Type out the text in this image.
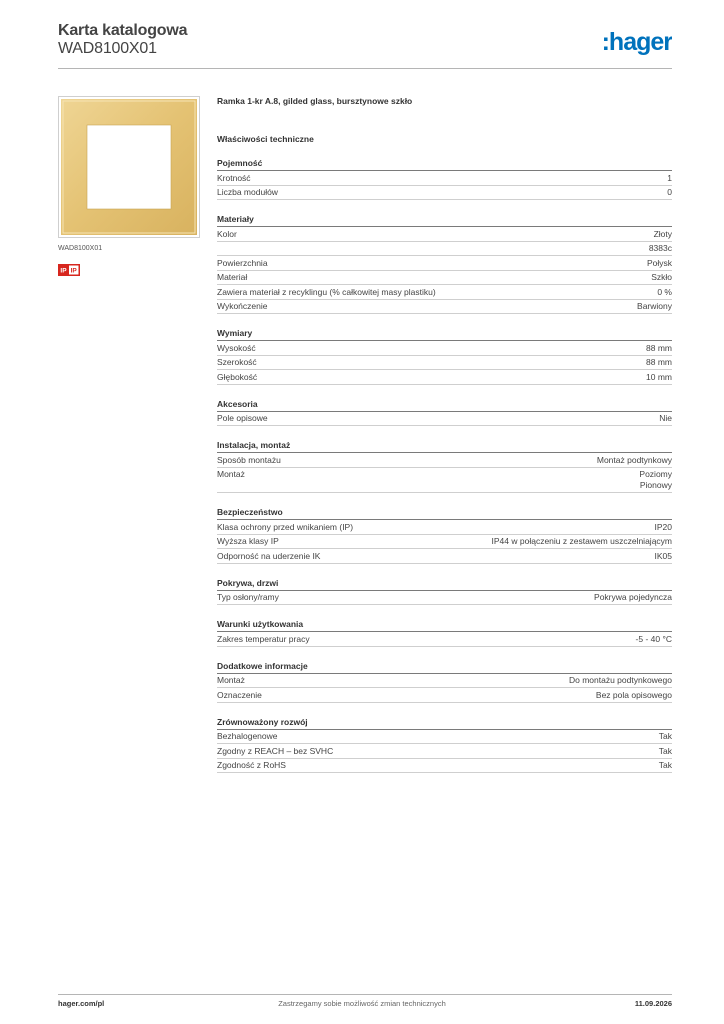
Karta katalogowa
WAD8100X01	:hager
WAD8100X01
IP IP
Ramka 1-kr A.8, gilded glass, bursztynowe szkło
Właściwości techniczne
Pojemność
Krotność	1
Liczba modułów	0
Materiały
Kolor	Złoty
8383c
Powierzchnia	Połysk
Materiał	Szkło
Zawiera materiał z recyklingu (% całkowitej masy plastiku)	0 %
Wykończenie	Barwiony
Wymiary
Wysokość	88 mm
Szerokość	88 mm
Głębokość	10 mm
Akcesoria
Pole opisowe	Nie
Instalacja, montaż
Sposób montażu	Montaż podtynkowy
Montaż	Poziomy
Pionowy
Bezpieczeństwo
Klasa ochrony przed wnikaniem (IP)	IP20
Wyższa klasy IP	IP44 w połączeniu z zestawem uszczelniającym
Odporność na uderzenie IK	IK05
Pokrywa, drzwi
Typ osłony/ramy	Pokrywa pojedyncza
Warunki użytkowania
Zakres temperatur pracy	-5 - 40 °C
Dodatkowe informacje
Montaż	Do montażu podtynkowego
Oznaczenie	Bez pola opisowego
Zrównoważony rozwój
Bezhalogenowe	Tak
Zgodny z REACH – bez SVHC	Tak
Zgodność z RoHS	Tak
hager.com/pl	Zastrzegamy sobie możliwość zmian technicznych	11.09.2026
